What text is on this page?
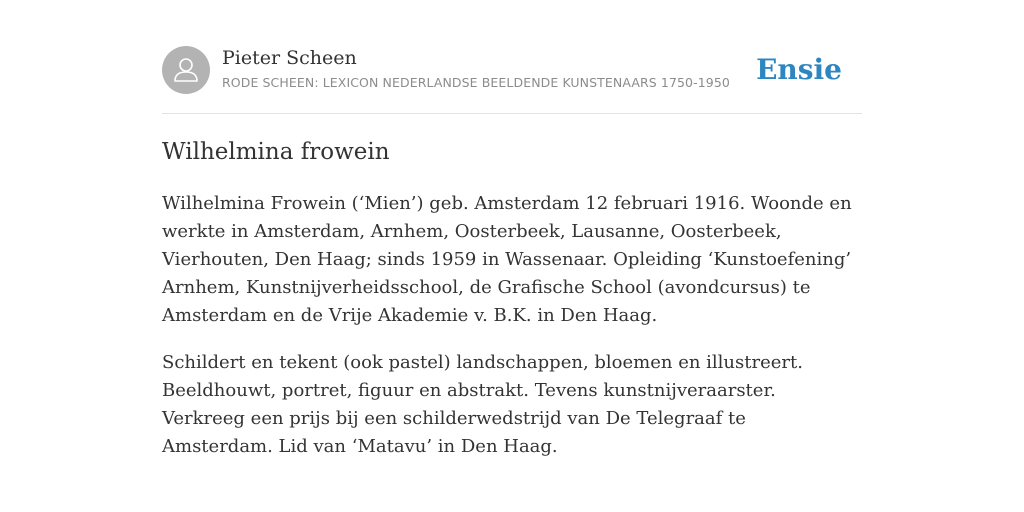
Pieter Scheen
RODE SCHEEN: LEXICON NEDERLANDSE BEELDENDE KUNSTENAARS 1750-1950 Ensie
Wilhelmina frowein

Wilhelmina Frowein (‘Mien’) geb. Amsterdam 12 februari 1916. Woonde en werkte in Amsterdam, Arnhem, Oosterbeek, Lausanne, Oosterbeek, Vierhouten, Den Haag; sinds 1959 in Wassenaar. Opleiding ‘Kunstoefening’ Arnhem, Kunstnijverheidsschool, de Grafische School (avondcursus) te Amsterdam en de Vrije Akademie v. B.K. in Den Haag.

Schildert en tekent (ook pastel) landschappen, bloemen en illustreert. Beeldhouwt, portret, figuur en abstrakt. Tevens kunstnijveraarster. Verkreeg een prijs bij een schilderwedstrijd van De Telegraaf te Amsterdam. Lid van ‘Matavu’ in Den Haag.
